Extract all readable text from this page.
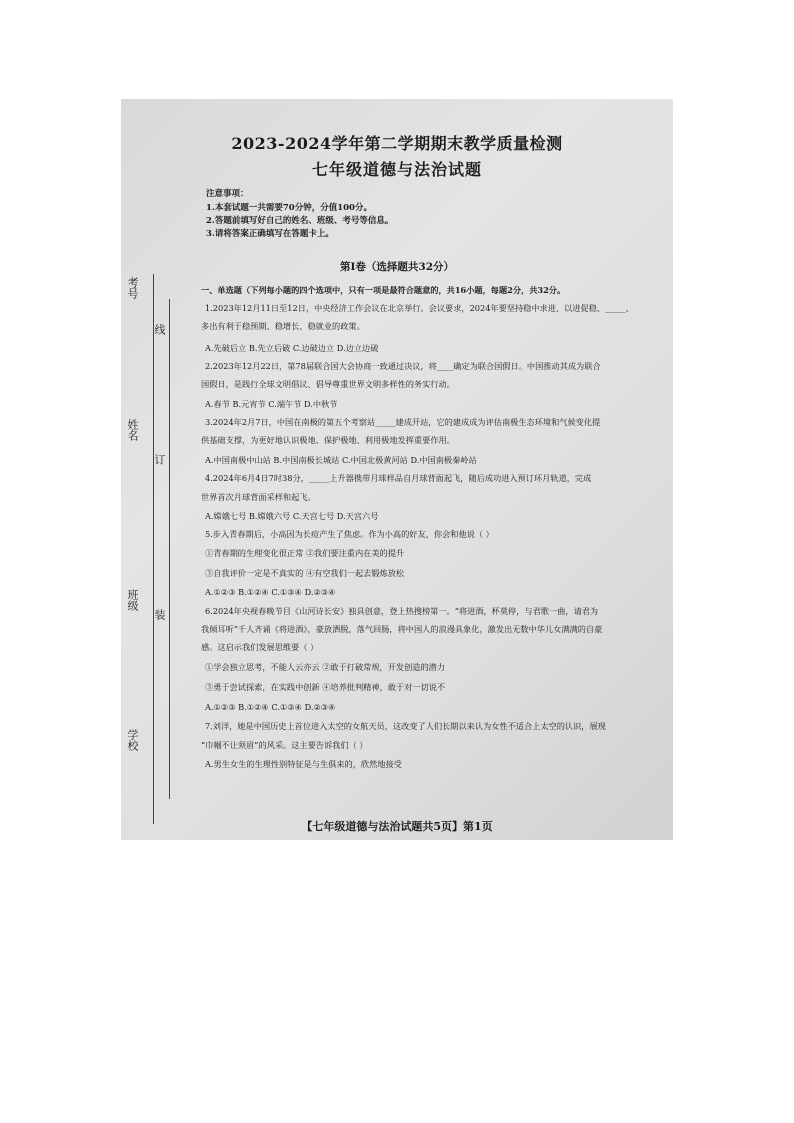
考号
姓名
班级
学校
线
订
装
2023-2024学年第二学期期末教学质量检测
七年级道德与法治试题
注意事项：
1.本套试题一共需要70分钟，分值100分。
2.答题前填写好自己的姓名、班级、考号等信息。
3.请将答案正确填写在答题卡上。
第Ⅰ卷（选择题共32分）
一、单选题（下列每小题的四个选项中，只有一项是最符合题意的，共16小题，每题2分，共32分。
1.2023年12月11日至12日，中央经济工作会议在北京举行。会议要求，2024年要坚持稳中求进、以进促稳、_____、
多出有利于稳预期、稳增长、稳就业的政策。
A.先破后立 B.先立后破 C.边破边立 D.边立边破
2.2023年12月22日，第78届联合国大会协商一致通过决议，将____确定为联合国假日。中国推动其成为联合
国假日，是践行全球文明倡议、倡导尊重世界文明多样性的务实行动。
A.春节 B.元宵节 C.端午节 D.中秋节
3.2024年2月7日，中国在南极的第五个考察站_____建成开站，它的建成成为评估南极生态环境和气候变化提
供基础支撑，为更好地认识极地、保护极地、利用极地发挥重要作用。
A.中国南极中山站 B.中国南极长城站 C.中国北极黄河站 D.中国南极秦岭站
4.2024年6月4日7时38分，_____上升器携带月球样品自月球背面起飞，随后成功进入预订环月轨道，完成
世界首次月球背面采样和起飞。
A.嫦娥七号 B.嫦娥六号 C.天宫七号 D.天宫六号
5.步入青春期后，小高因为长痘产生了焦虑。作为小高的好友，你会和他说（ ）
①青春期的生理变化很正常 ②我们要注重内在美的提升
③自我评价一定是不真实的 ④有空我们一起去锻炼放松
A.①②③ B.①②④ C.①③④ D.②③④
6.2024年央视春晚节目《山河诗长安》独具创意，登上热搜榜第一。“将进酒，杯莫停，与君歌一曲，请君为
我倾耳听”千人齐诵《将进酒》，豪放洒脱，落气回肠，将中国人的浪漫具象化，激发出无数中华儿女满满的自豪
感。这启示我们发展思维要（ ）
①学会独立思考，不能人云亦云 ②敢于打破常规，开发创造的潜力
③勇于尝试探索，在实践中创新 ④培养批判精神，敢于对一切说不
A.①②③ B.①②④ C.①③④ D.②③④
7.刘洋，她是中国历史上首位进入太空的女航天员，这改变了人们长期以来认为女性不适合上太空的认识，展现
“巾帼不让须眉”的风采。这主要告诉我们（ ）
A.男生女生的生理性别特征是与生俱来的，欣然地接受
【七年级道德与法治试题共5页】第1页
